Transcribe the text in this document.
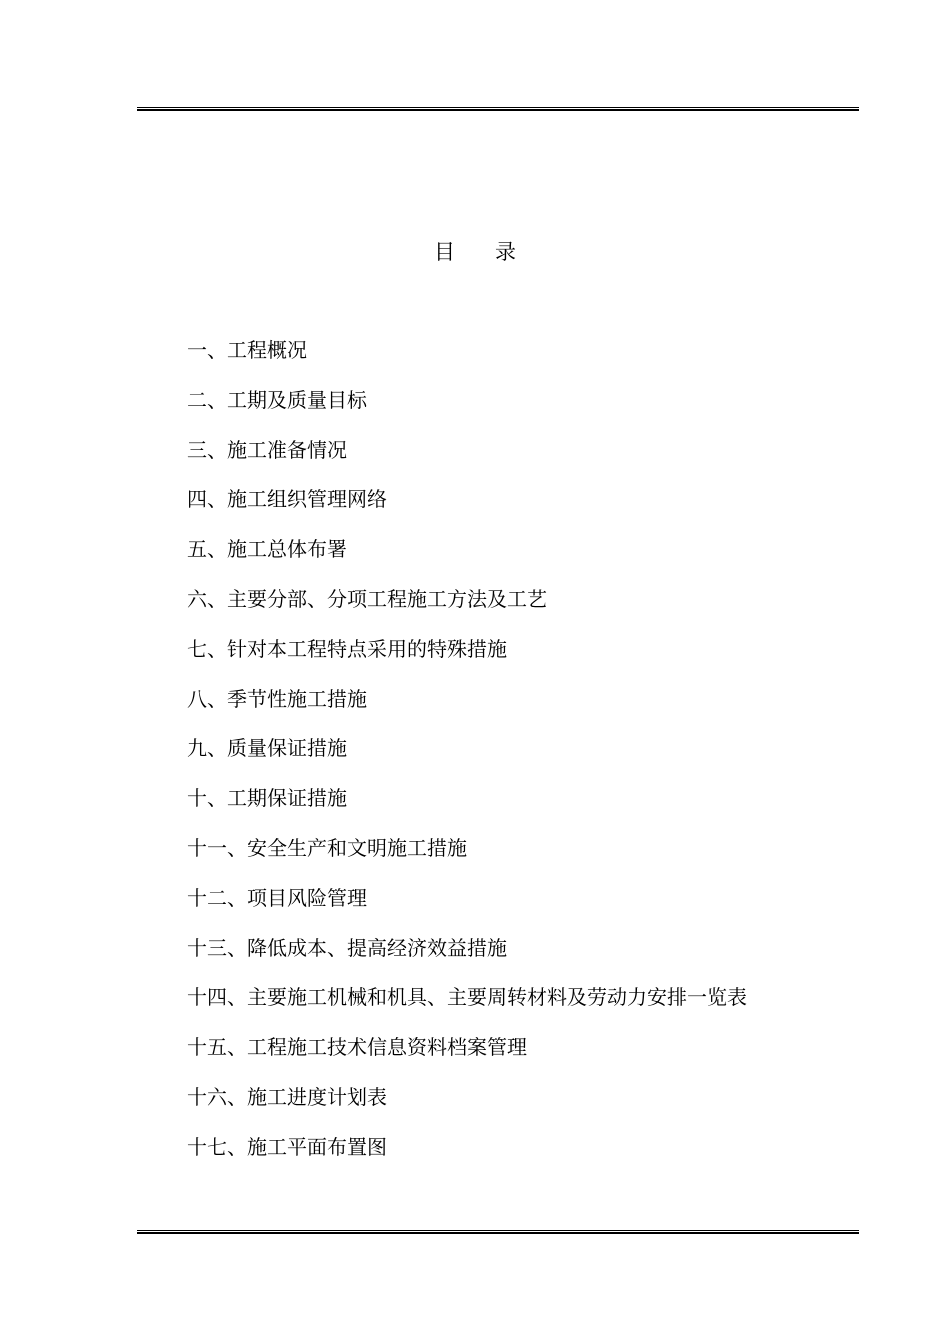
目 录
一、工程概况
二、工期及质量目标
三、施工准备情况
四、施工组织管理网络
五、施工总体布署
六、主要分部、分项工程施工方法及工艺
七、针对本工程特点采用的特殊措施
八、季节性施工措施
九、质量保证措施
十、工期保证措施
十一、安全生产和文明施工措施
十二、项目风险管理
十三、降低成本、提高经济效益措施
十四、主要施工机械和机具、主要周转材料及劳动力安排一览表
十五、工程施工技术信息资料档案管理
十六、施工进度计划表
十七、施工平面布置图
